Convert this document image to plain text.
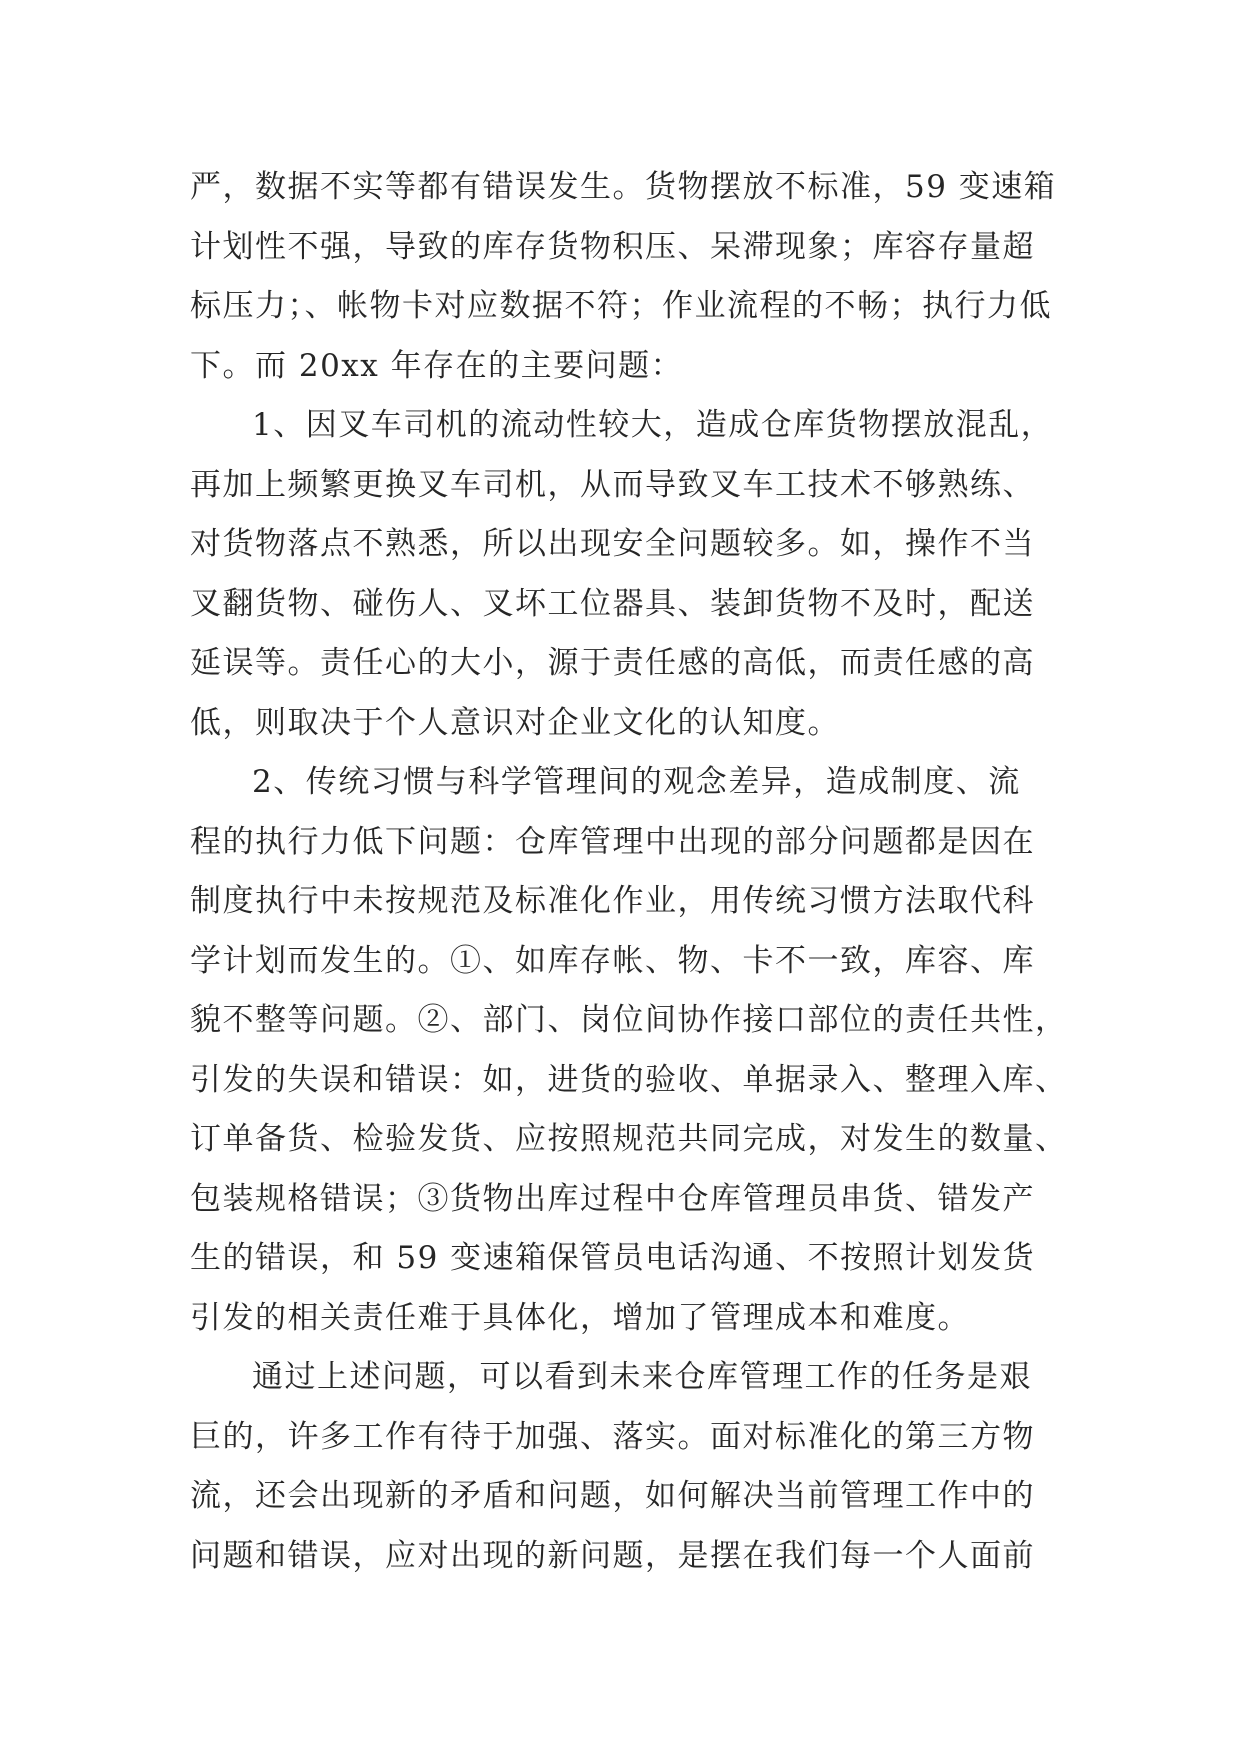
严，数据不实等都有错误发生。货物摆放不标准，59 变速箱
计划性不强，导致的库存货物积压、呆滞现象；库容存量超
标压力；、帐物卡对应数据不符；作业流程的不畅；执行力低
下。而 20xx 年存在的主要问题：
1、因叉车司机的流动性较大，造成仓库货物摆放混乱，
再加上频繁更换叉车司机，从而导致叉车工技术不够熟练、
对货物落点不熟悉，所以出现安全问题较多。如，操作不当
叉翻货物、碰伤人、叉坏工位器具、装卸货物不及时，配送
延误等。责任心的大小，源于责任感的高低，而责任感的高
低，则取决于个人意识对企业文化的认知度。
2、传统习惯与科学管理间的观念差异，造成制度、流
程的执行力低下问题：仓库管理中出现的部分问题都是因在
制度执行中未按规范及标准化作业，用传统习惯方法取代科
学计划而发生的。①、如库存帐、物、卡不一致，库容、库
貌不整等问题。②、部门、岗位间协作接口部位的责任共性，
引发的失误和错误：如，进货的验收、单据录入、整理入库、
订单备货、检验发货、应按照规范共同完成，对发生的数量、
包装规格错误；③货物出库过程中仓库管理员串货、错发产
生的错误，和 59 变速箱保管员电话沟通、不按照计划发货
引发的相关责任难于具体化，增加了管理成本和难度。
通过上述问题，可以看到未来仓库管理工作的任务是艰
巨的，许多工作有待于加强、落实。面对标准化的第三方物
流，还会出现新的矛盾和问题，如何解决当前管理工作中的
问题和错误，应对出现的新问题，是摆在我们每一个人面前
